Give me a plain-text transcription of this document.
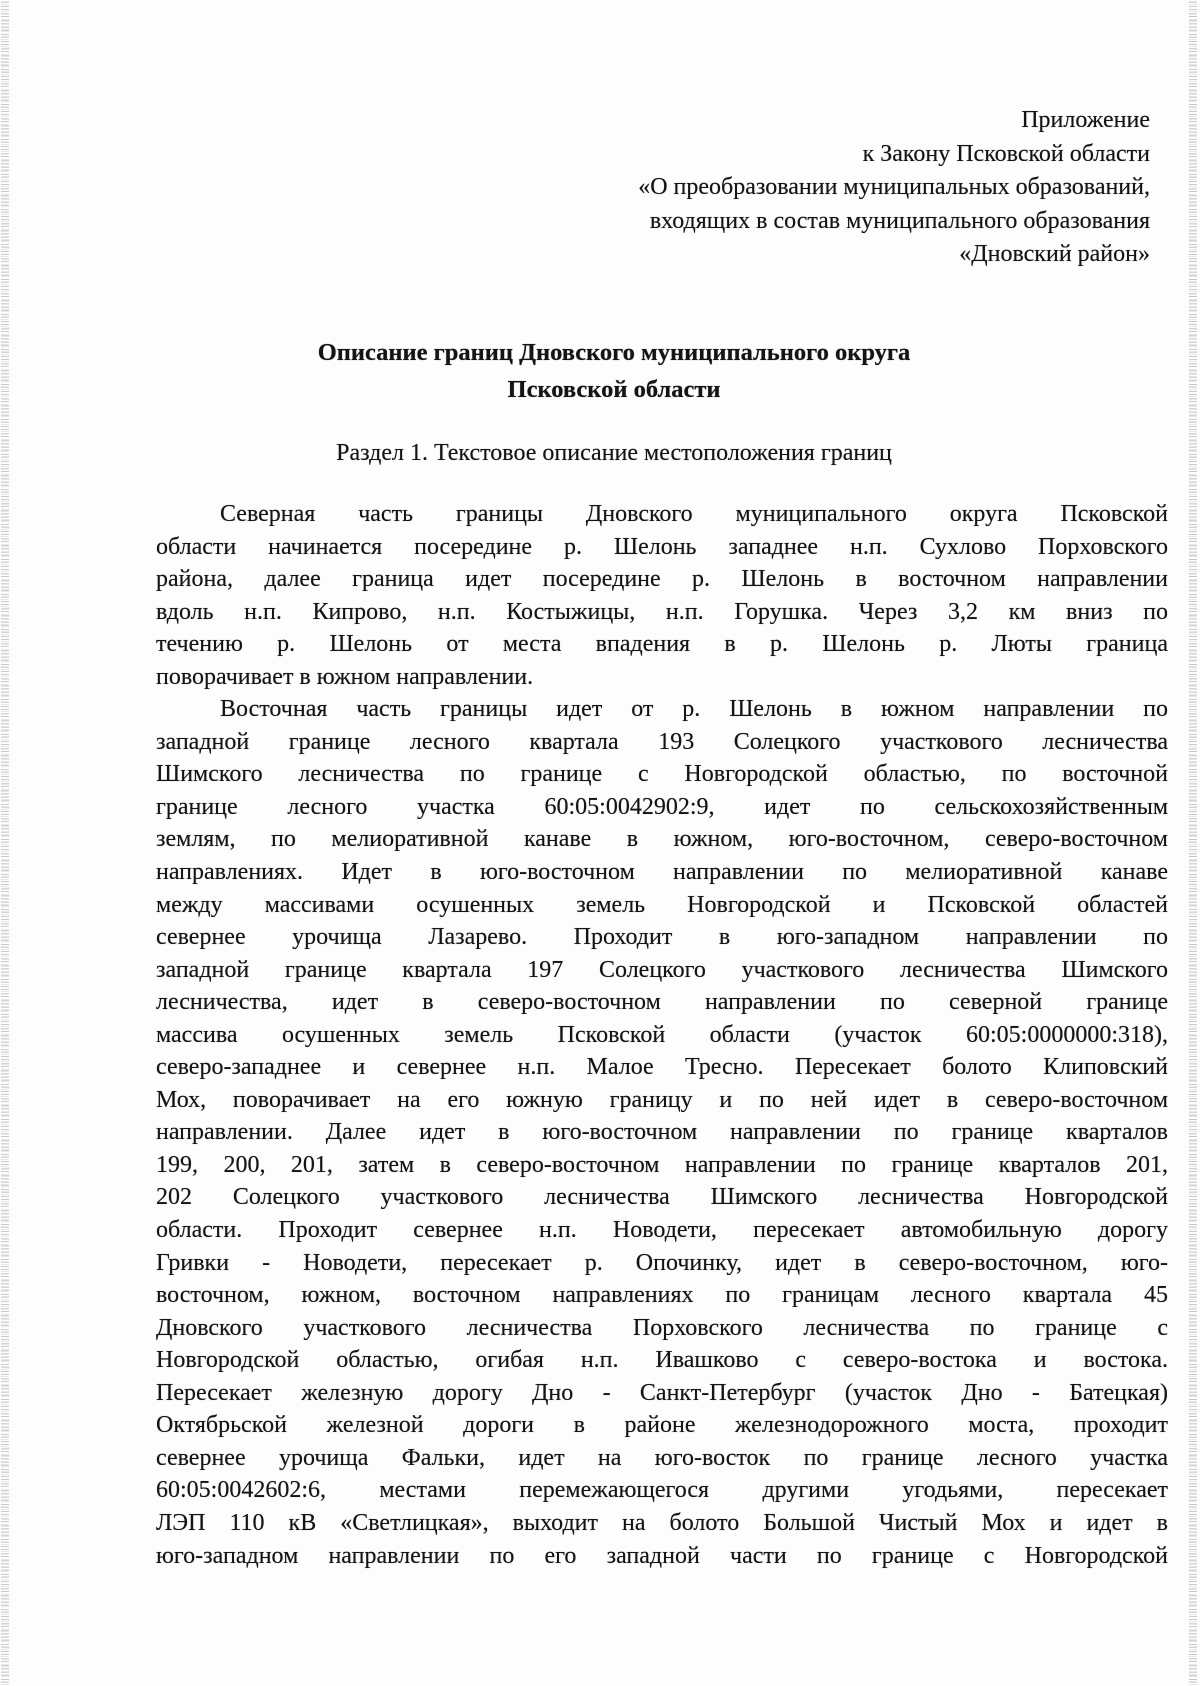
Приложение
к Закону Псковской области
«О преобразовании муниципальных образований,
входящих в состав муниципального образования
«Дновский район»
Описание границ Дновского муниципального округа
Псковской области
Раздел 1. Текстовое описание местоположения границ
Северная часть границы Дновского муниципального округа Псковской
области начинается посередине р. Шелонь западнее н.п. Сухлово Порховского
района, далее граница идет посередине р. Шелонь в восточном направлении
вдоль н.п. Кипрово, н.п. Костыжицы, н.п. Горушка. Через 3,2 км вниз по
течению р. Шелонь от места впадения в р. Шелонь р. Люты граница
поворачивает в южном направлении.
Восточная часть границы идет от р. Шелонь в южном направлении по
западной границе лесного квартала 193 Солецкого участкового лесничества
Шимского лесничества по границе с Новгородской областью, по восточной
границе лесного участка 60:05:0042902:9, идет по сельскохозяйственным
землям, по мелиоративной канаве в южном, юго-восточном, северо-восточном
направлениях. Идет в юго-восточном направлении по мелиоративной канаве
между массивами осушенных земель Новгородской и Псковской областей
севернее урочища Лазарево. Проходит в юго-западном направлении по
западной границе квартала 197 Солецкого участкового лесничества Шимского
лесничества, идет в северо-восточном направлении по северной границе
массива осушенных земель Псковской области (участок 60:05:0000000:318),
северо-западнее и севернее н.п. Малое Тресно. Пересекает болото Клиповский
Мох, поворачивает на его южную границу и по ней идет в северо-восточном
направлении. Далее идет в юго-восточном направлении по границе кварталов
199, 200, 201, затем в северо-восточном направлении по границе кварталов 201,
202 Солецкого участкового лесничества Шимского лесничества Новгородской
области. Проходит севернее н.п. Новодети, пересекает автомобильную дорогу
Гривки - Новодети, пересекает р. Опочинку, идет в северо-восточном, юго-
восточном, южном, восточном направлениях по границам лесного квартала 45
Дновского участкового лесничества Порховского лесничества по границе с
Новгородской областью, огибая н.п. Ивашково с северо-востока и востока.
Пересекает железную дорогу Дно - Санкт-Петербург (участок Дно - Батецкая)
Октябрьской железной дороги в районе железнодорожного моста, проходит
севернее урочища Фальки, идет на юго-восток по границе лесного участка
60:05:0042602:6, местами перемежающегося другими угодьями, пересекает
ЛЭП 110 кВ «Светлицкая», выходит на болото Большой Чистый Мох и идет в
юго-западном направлении по его западной части по границе с Новгородской
